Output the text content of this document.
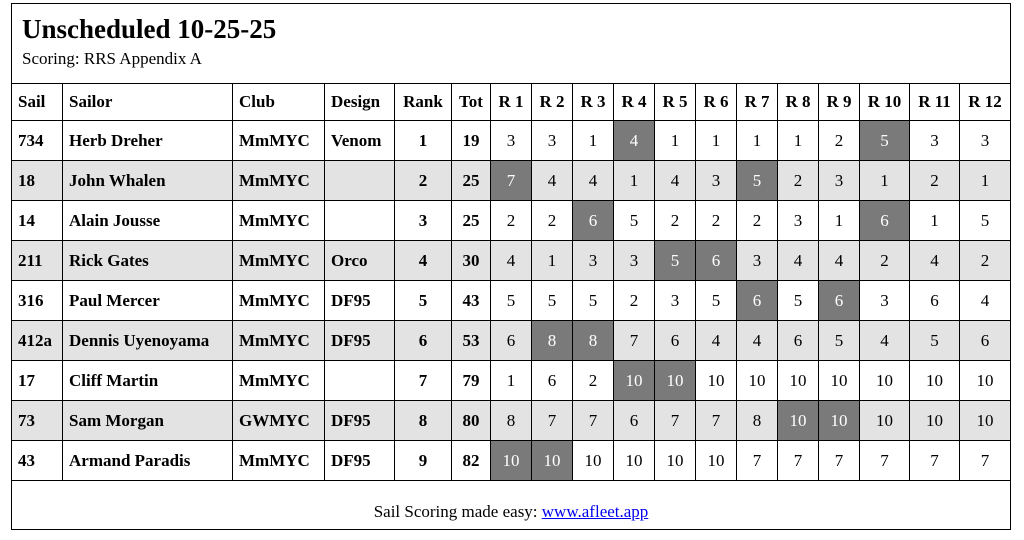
Unscheduled 10-25-25
Scoring: RRS Appendix A
Sail	Sailor	Club	Design	Rank	Tot	R 1	R 2	R 3	R 4	R 5	R 6	R 7	R 8	R 9	R 10	R 11	R 12
734	Herb Dreher	MmMYC	Venom	1	19	3	3	1	4	1	1	1	1	2	5	3	3
18	John Whalen	MmMYC		2	25	7	4	4	1	4	3	5	2	3	1	2	1
14	Alain Jousse	MmMYC		3	25	2	2	6	5	2	2	2	3	1	6	1	5
211	Rick Gates	MmMYC	Orco	4	30	4	1	3	3	5	6	3	4	4	2	4	2
316	Paul Mercer	MmMYC	DF95	5	43	5	5	5	2	3	5	6	5	6	3	6	4
412a	Dennis Uyenoyama	MmMYC	DF95	6	53	6	8	8	7	6	4	4	6	5	4	5	6
17	Cliff Martin	MmMYC		7	79	1	6	2	10	10	10	10	10	10	10	10	10
73	Sam Morgan	GWMYC	DF95	8	80	8	7	7	6	7	7	8	10	10	10	10	10
43	Armand Paradis	MmMYC	DF95	9	82	10	10	10	10	10	10	7	7	7	7	7	7
Sail Scoring made easy: www.afleet.app
